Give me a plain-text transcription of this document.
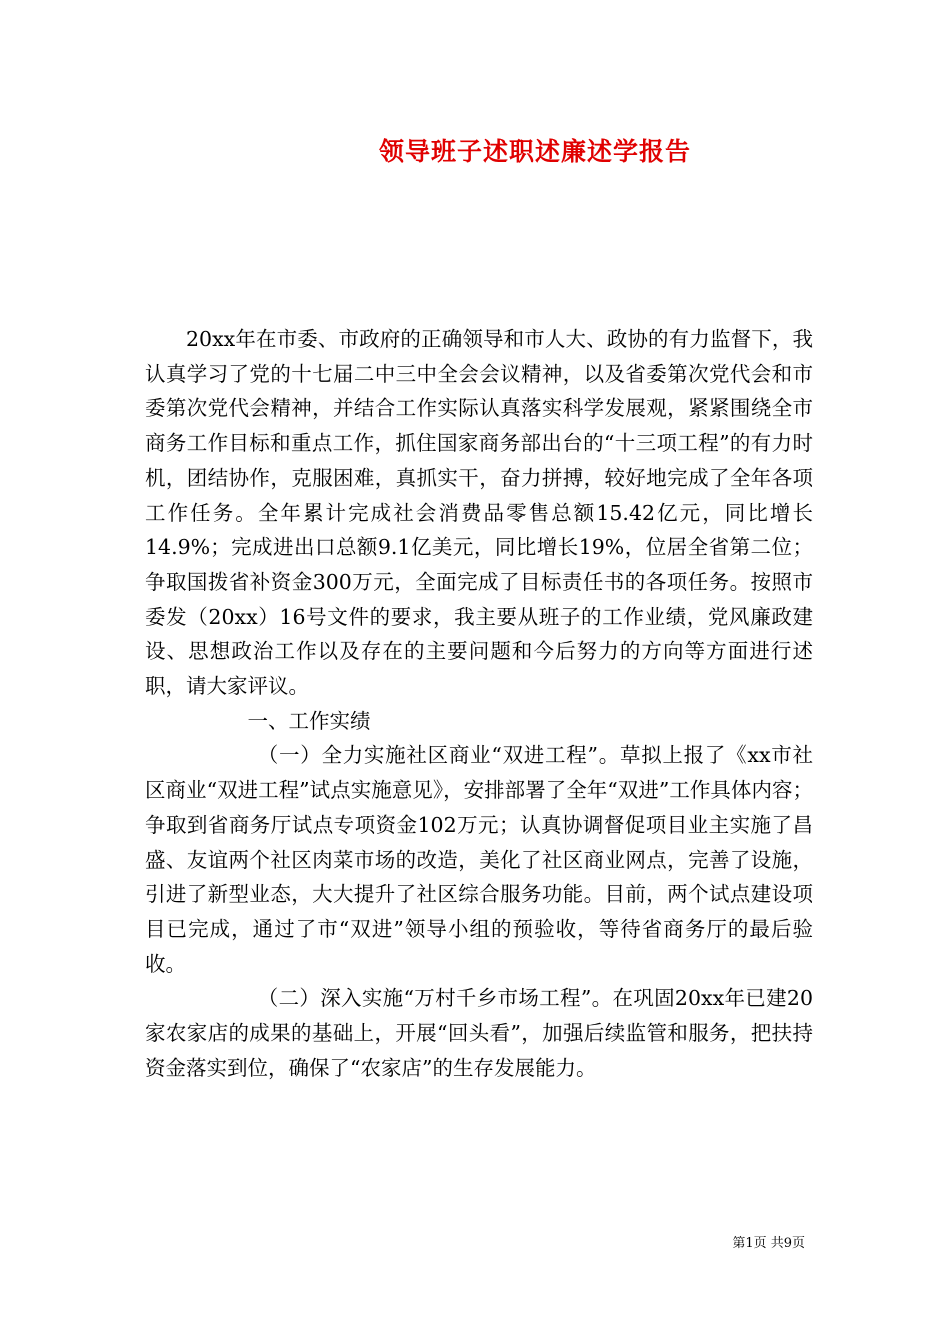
领导班子述职述廉述学报告

20xx年在市委、市政府的正确领导和市人大、政协的有力监督下，我认真学习了党的十七届二中三中全会会议精神，以及省委第次党代会和市委第次党代会精神，并结合工作实际认真落实科学发展观，紧紧围绕全市商务工作目标和重点工作，抓住国家商务部出台的“十三项工程”的有力时机，团结协作，克服困难，真抓实干，奋力拼搏，较好地完成了全年各项工作任务。全年累计完成社会消费品零售总额15.42亿元，同比增长14.9%；完成进出口总额9.1亿美元，同比增长19%，位居全省第二位；争取国拨省补资金300万元，全面完成了目标责任书的各项任务。按照市委发（20xx）16号文件的要求，我主要从班子的工作业绩，党风廉政建设、思想政治工作以及存在的主要问题和今后努力的方向等方面进行述职，请大家评议。

一、工作实绩

（一）全力实施社区商业“双进工程”。草拟上报了《xx市社区商业“双进工程”试点实施意见》，安排部署了全年“双进”工作具体内容；争取到省商务厅试点专项资金102万元；认真协调督促项目业主实施了昌盛、友谊两个社区肉菜市场的改造，美化了社区商业网点，完善了设施，引进了新型业态，大大提升了社区综合服务功能。目前，两个试点建设项目已完成，通过了市“双进”领导小组的预验收，等待省商务厅的最后验收。

（二）深入实施“万村千乡市场工程”。在巩固20xx年已建20家农家店的成果的基础上，开展“回头看”，加强后续监管和服务，把扶持资金落实到位，确保了“农家店”的生存发展能力。

第1页 共9页
